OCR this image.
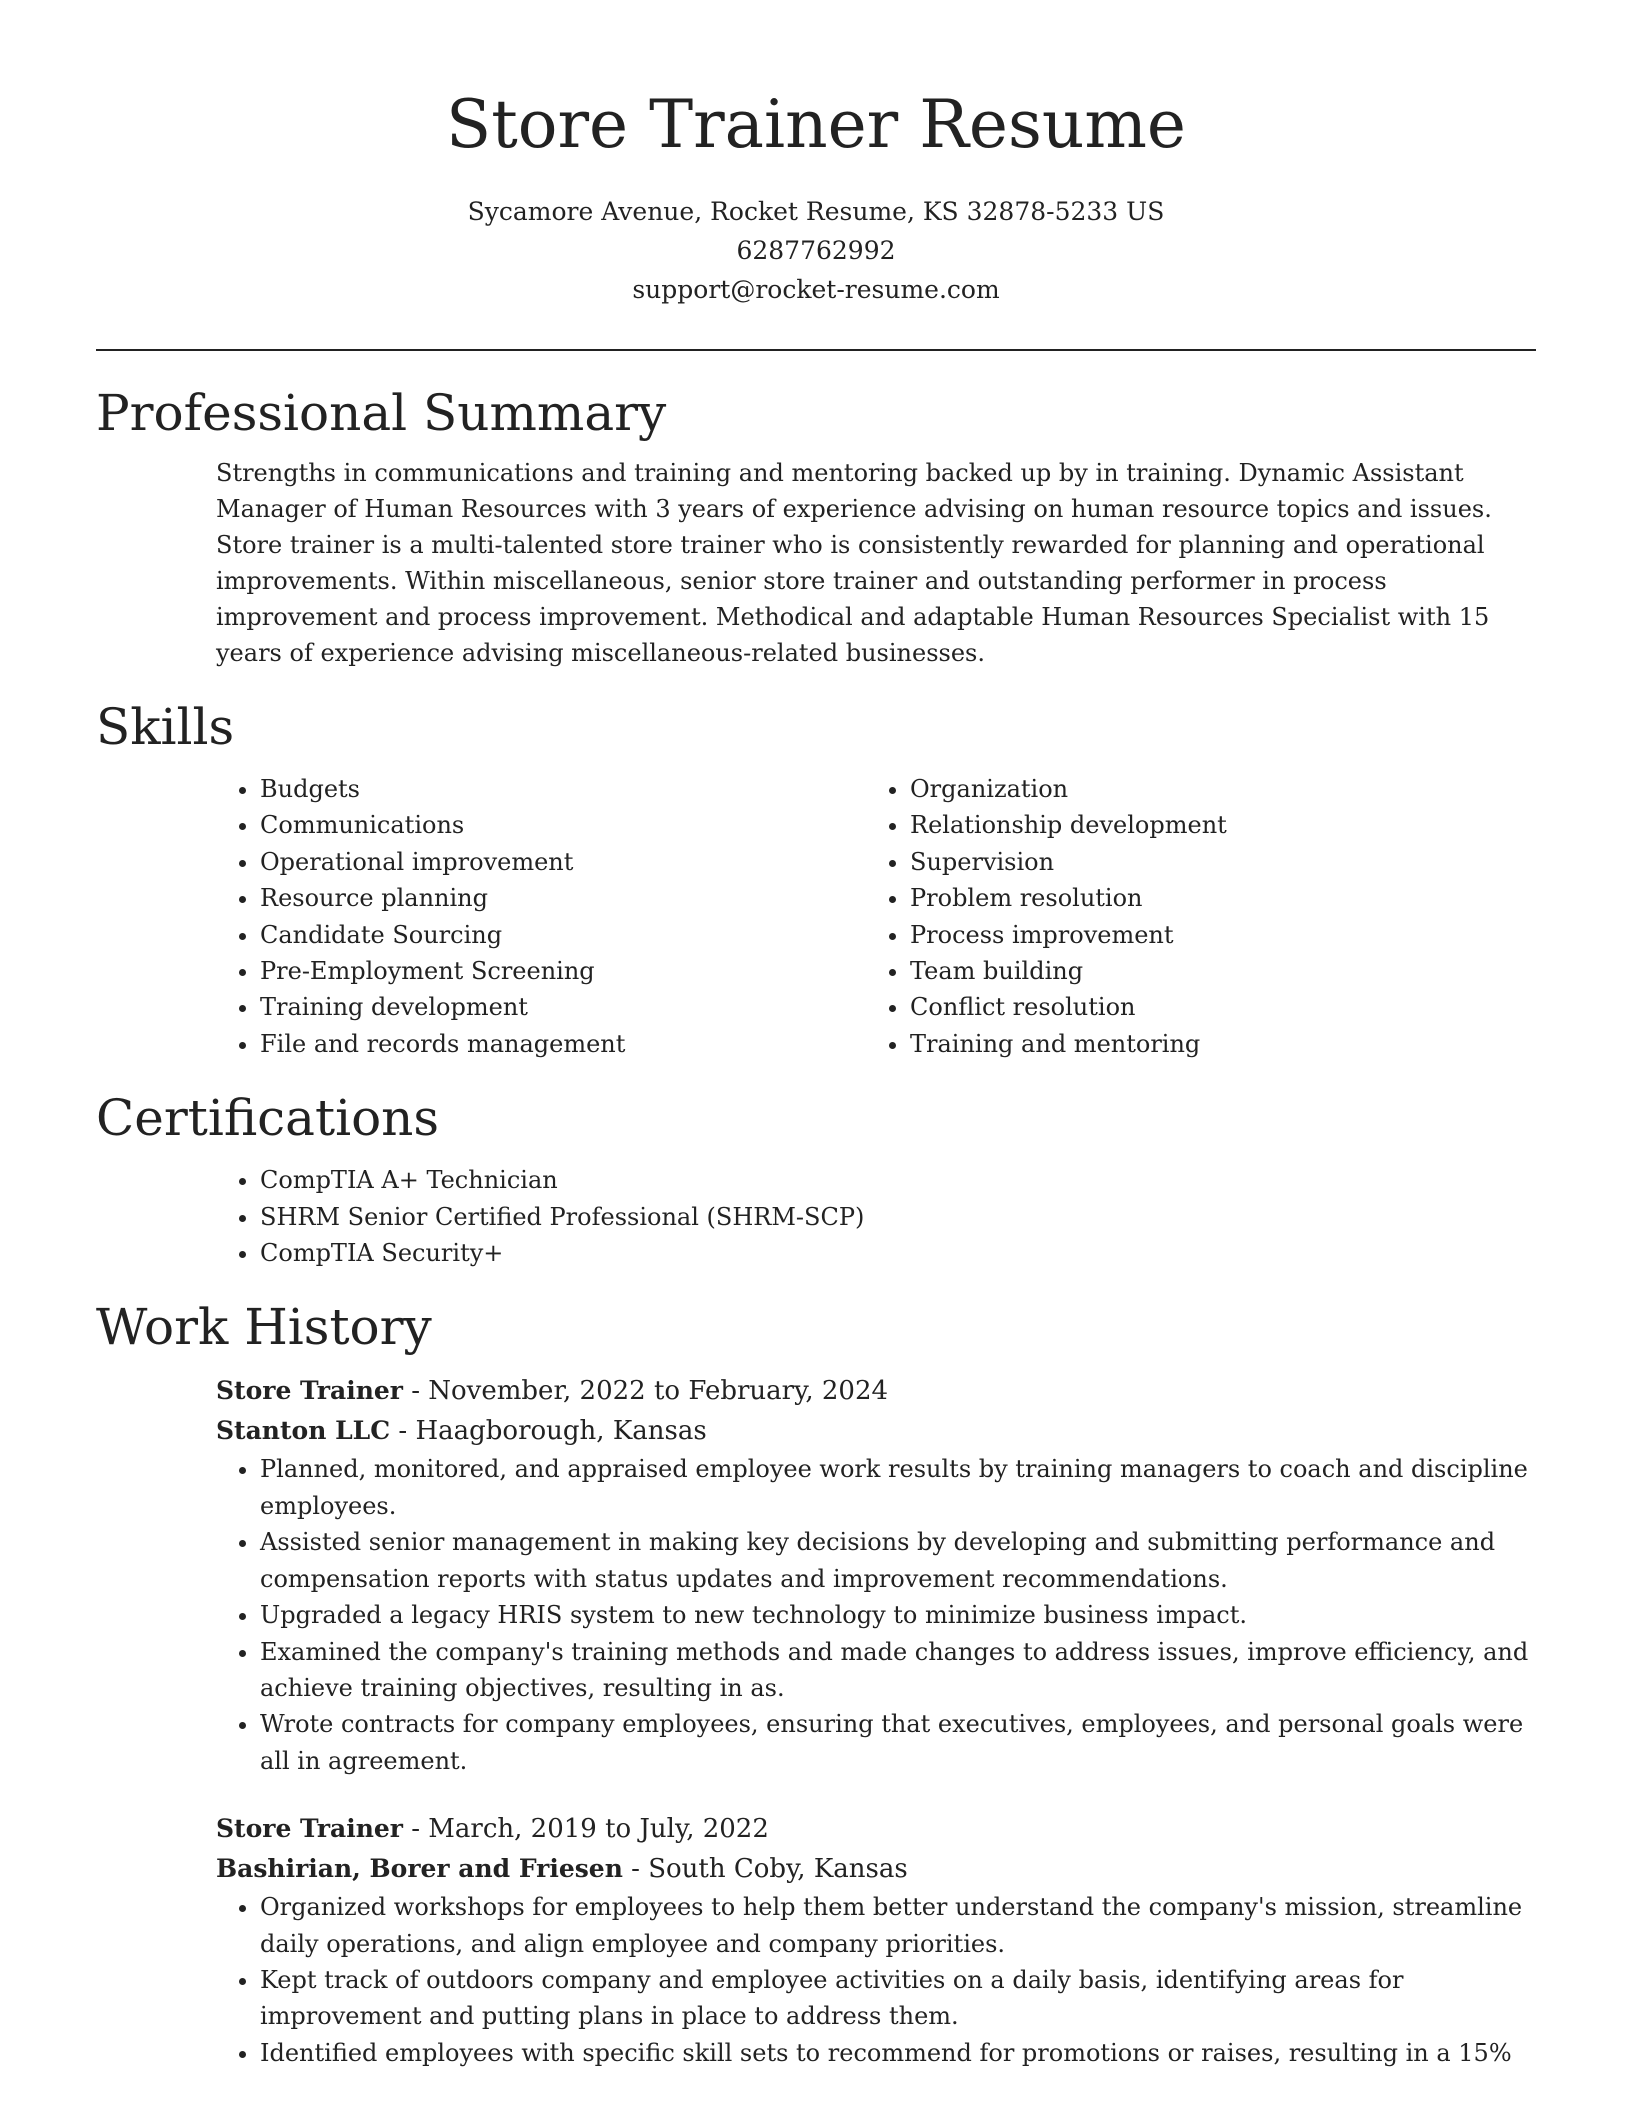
Store Trainer Resume

Sycamore Avenue, Rocket Resume, KS 32878-5233 US

6287762992

support@rocket-resume.com

Professional Summary

Strengths in communications and training and mentoring backed up by in training. Dynamic Assistant Manager of Human Resources with 3 years of experience advising on human resource topics and issues. Store trainer is a multi-talented store trainer who is consistently rewarded for planning and operational improvements. Within miscellaneous, senior store trainer and outstanding performer in process improvement and process improvement. Methodical and adaptable Human Resources Specialist with 15 years of experience advising miscellaneous-related businesses.

Skills
• Budgets
• Communications
• Operational improvement
• Resource planning
• Candidate Sourcing
• Pre-Employment Screening
• Training development
• File and records management
• Organization
• Relationship development
• Supervision
• Problem resolution
• Process improvement
• Team building
• Conflict resolution
• Training and mentoring
Certifications
• CompTIA A+ Technician
• SHRM Senior Certified Professional (SHRM-SCP)
• CompTIA Security+
Work History

Store Trainer - November, 2022 to February, 2024

Stanton LLC - Haagborough, Kansas

• Planned, monitored, and appraised employee work results by training managers to coach and discipline employees.
• Assisted senior management in making key decisions by developing and submitting performance and compensation reports with status updates and improvement recommendations.
• Upgraded a legacy HRIS system to new technology to minimize business impact.
• Examined the company's training methods and made changes to address issues, improve efficiency, and achieve training objectives, resulting in as.
• Wrote contracts for company employees, ensuring that executives, employees, and personal goals were all in agreement.

Store Trainer - March, 2019 to July, 2022

Bashirian, Borer and Friesen - South Coby, Kansas

• Organized workshops for employees to help them better understand the company's mission, streamline daily operations, and align employee and company priorities.
• Kept track of outdoors company and employee activities on a daily basis, identifying areas for improvement and putting plans in place to address them.
• Identified employees with specific skill sets to recommend for promotions or raises, resulting in a 15%
